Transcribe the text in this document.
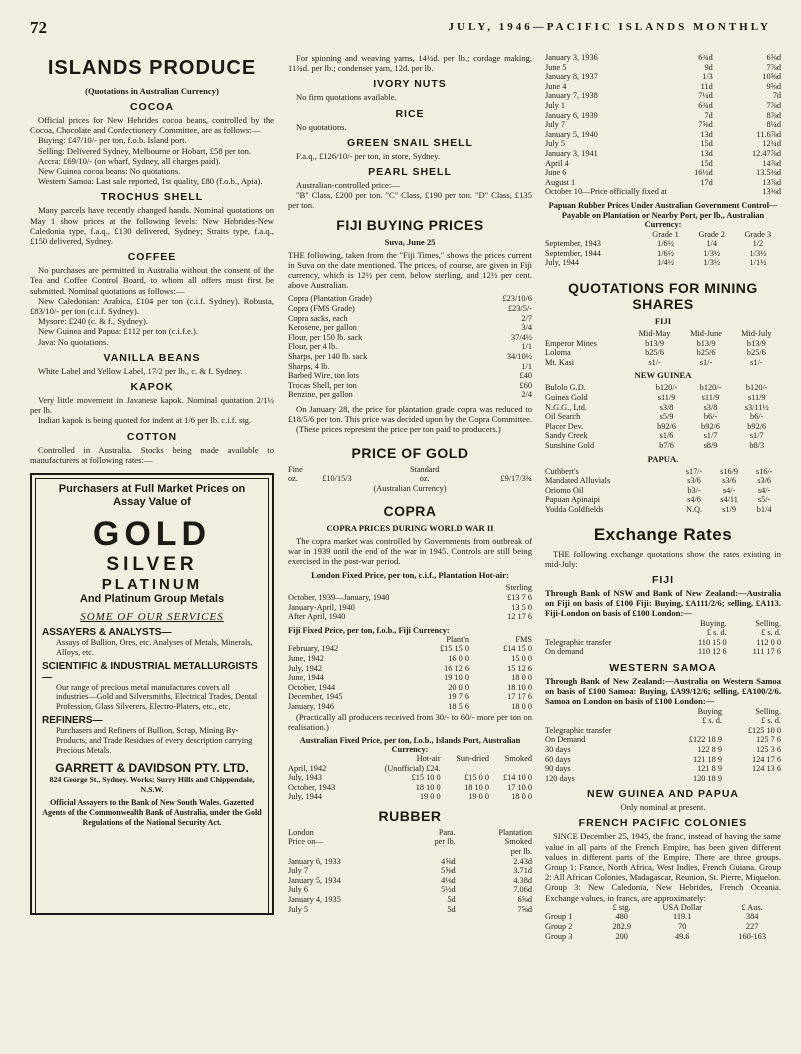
72	JULY, 1946—PACIFIC ISLANDS MONTHLY
ISLANDS PRODUCE
(Quotations in Australian Currency)
COCOA

Official prices for New Hebrides cocoa beans, controlled by the Cocoa, Chocolate and Confectionery Committee, are as follows:—

Buying: £47/10/- per ton, f.o.b. Island port.

Selling: Delivered Sydney, Melbourne or Hobart, £58 per ton.

Accra: £69/10/- (on wharf, Sydney, all charges paid).

New Guinea cocoa beans: No quotations.

Western Samoa: Last sale reported, 1st quality, £80 (f.o.b., Apia).

TROCHUS SHELL

Many parcels have recently changed hands. Nominal quotations on May 1 show prices at the following levels: New Hebrides-New Caledonia type, f.a.q., £130 delivered, Sydney; Straits type, f.a.q., £150 delivered, Sydney.

COFFEE

No purchases are permitted in Australia without the consent of the Tea and Coffee Control Board, to whom all offers must first be submitted. Nominal quotations as follows:—

New Caledonian: Arabica, £104 per ton (c.i.f. Sydney). Robusta, £83/10/- per ton (c.i.f. Sydney).

Mysore: £240 (c. & f., Sydney).

New Guinea and Papua: £112 per ton (c.i.f.e.).

Java: No quotations.

VANILLA BEANS

White Label and Yellow Label, 17/2 per lb., c. & f. Sydney.

KAPOK

Very little movement in Javanese kapok. Nominal quotation 2/1½ per lb.

Indian kapok is being quoted for indent at 1/6 per lb. c.i.f. stg.

COTTON

Controlled in Australia. Stocks being made available to manufacturers at following rates:—

Purchasers at Full Market Prices on Assay Value of
GOLD
SILVER
PLATINUM
And Platinum Group Metals
SOME OF OUR SERVICES
ASSAYERS & ANALYSTS—
Assays of Bullion, Ores, etc. Analyses of Metals, Minerals, Alloys, etc.
SCIENTIFIC & INDUSTRIAL METALLURGISTS—
Our range of precious metal manufactures covers all industries—Gold and Silversmiths, Electrical Trades, Dental Profession, Glass Silverers, Electro-Platers, etc., etc.
REFINERS—
Purchasers and Refiners of Bullion, Scrap, Mining By-Products, and Trade Residues of every description carrying Precious Metals.
GARRETT & DAVIDSON PTY. LTD.
824 George St., Sydney. Works: Surry Hills and Chippendale, N.S.W.
Official Assayers to the Bank of New South Wales. Gazetted Agents of the Commonwealth Bank of Australia, under the Gold Regulations of the National Security Act.

For spinning and weaving yarns, 14½d. per lb.; cordage making, 11¾d. per lb.; condenser yarn, 12d. per lb.

IVORY NUTS

No firm quotations available.

RICE

No quotations.

GREEN SNAIL SHELL

F.a.q., £126/10/- per ton, in store, Sydney.

PEARL SHELL

Australian-controlled price:—

"B" Class, £200 per ton. "C" Class, £190 per ton. "D" Class, £135 per ton.

FIJI BUYING PRICES
Suva, June 25

THE following, taken from the "Fiji Times," shows the prices current in Suva on the date mentioned. The prices, of course, are given in Fiji currency, which is 12½ per cent. below sterling, and 12½ per cent. above Australian.

Copra (Plantation Grade)	£23/10/6
Copra (FMS Grade)	£23/5/-
Copra sacks, each	2/7
Kerosene, per gallon	3/4
Flour, per 150 lb. sack	37/4½
Flour, per 4 lb.	1/1
Sharps, per 140 lb. sack	34/10½
Sharps, 4 lb.	1/1
Barbed Wire, ton lots	£40
Trocas Shell, per ton	£60
Benzine, per gallon	2/4

On January 28, the price for plantation grade copra was reduced to £18/5/6 per ton. This price was decided upon by the Copra Committee.

(These prices represent the price per ton paid to producers.)

PRICE OF GOLD
Fine		Standard	
oz.	£10/15/3	oz.	£9/17/3¾
(Australian Currency)
COPRA
COPRA PRICES DURING WORLD WAR II

The copra market was controlled by Governments from outbreak of war in 1939 until the end of the war in 1945. Controls are still being exercised in the post-war period.

London Fixed Price, per ton, c.i.f., Plantation Hot-air:
	Sterling
October, 1939—January, 1940	£13 7 6
January-April, 1940	13 5 0
After April, 1940	12 17 6
Fiji Fixed Price, per ton, f.o.b., Fiji Currency:
	Plant'n	FMS
February, 1942	£15 15 0	£14 15 0
June, 1942	16 0 0	15 0 0
July, 1942	16 12 6	15 12 6
June, 1944	19 10 0	18 0 0
October, 1944	20 0 0	18 10 0
December, 1945	19 7 6	17 17 6
January, 1946	18 5 6	18 0 0

(Practically all producers received from 30/- to 60/- more per ton on realisation.)

Australian Fixed Price, per ton, f.o.b., Islands Port, Australian Currency:
	Hot-air	Sun-dried	Smoked
April, 1942	(Unofficial) £24.		
July, 1943	£15 10 0	£15 0 0	£14 10 0
October, 1943	18 10 0	18 10 0	17 10 0
July, 1944	19 0 0	19 0 0	18 0 0
RUBBER
London	Para.	Plantation
Price on—	per lb.	Smoked
		per lb.
January 6, 1933	4⅝d	2.43d
July 7	5⅝d	3.71d
January 5, 1934	4⅛d	4.38d
July 6	5½d	7.06d

January 4, 1935	5d	6⅝d
July 5	5d	7⅝d
January 3, 1936	6¾d	6⅝d
June 5	9d	7⅞d
January 8, 1937	1/3	10⅝d
June 4	11d	9⅝d
January 7, 1938	7¼d	7d
July 1	6¾d	7⅞d
January 6, 1939	7d	8⅞d
July 7	7⅝d	8¼d
January 5, 1940	13d	11.6⅞d
July 5	15d	12¾d
January 3, 1941	13d	12.47⅞d
April 4	15d	14⅞d
June 6	16½d	13.5⅜d
August 1	17d	13⅞d
October 10—Price officially fixed at	13⅜d
Papuan Rubber Prices Under Australian Government Control—Payable on Plantation or Nearby Port, per lb., Australian Currency:
	Grade 1	Grade 2	Grade 3
September, 1943	1/6½	1/4	1/2
September, 1944	1/6½	1/3½	1/3½
July, 1944	1/4½	1/3½	1/1½
QUOTATIONS FOR MINING SHARES
FIJI
	Mid-May	Mid-June	Mid-July
Emperor Mines	b13/9	b13/9	b13/9
Loloma	b25/6	b25/6	b25/6
Mt. Kasi	s1/-	s1/-	s1/-
NEW GUINEA
Bulolo G.D.	b120/-	b120/-	b120/-
Guinea Gold	s11/9	s11/9	s11/9
N.G.G., Ltd.	s3/8	s3/8	s3/11½
Oil Search	s5/9	b6/-	b6/-
Placer Dev.	b92/6	b92/6	b92/6
Sandy Creek	s1/6	s1/7	s1/7
Sunshine Gold	b7/6	s8/9	b8/3
PAPUA.
Cuthbert's	s17/-	s16/9	s16/-
Mandated Alluvials	s3/6	s3/6	s3/6
Oriomo Oil	b3/-	s4/-	s4/-
Papuan Apinaipi	s4/6	s4/11	s5/-
Yodda Goldfields	N.Q.	s1/9	b1/4
Exchange Rates

THE following exchange quotations show the rates existing in mid-July:

FIJI

Through Bank of NSW and Bank of New Zealand:—Australia on Fiji on basis of £100 Fiji: Buying, £A111/2/6; selling, £A113. Fiji-London on basis of £100 London:—

	Buying.	Selling.
	£ s. d.	£ s. d.
Telegraphic transfer	110 15 0	112 0 0
On demand	110 12 6	111 17 6
WESTERN SAMOA

Through Bank of New Zealand:—Australia on Western Samoa on basis of £100 Samoa: Buying, £A99/12/6; selling, £A100/2/6. Samoa on London on basis of £100 London:—

	Buying	Selling.
	£ s. d.	£ s. d.
Telegraphic transfer		£125 10 0
On Demand	£122 18 9	125 7 6
30 days	122 8 9	125 3 6
60 days	121 18 9	124 17 6
90 days	121 8 9	124 13 6
120 days	120 18 9	
NEW GUINEA AND PAPUA
Only nominal at present.
FRENCH PACIFIC COLONIES

SINCE December 25, 1945, the franc, instead of having the same value in all parts of the French Empire, has been given different values in different parts of the Empire. There are three groups. Group 1: France, North Africa, West Indies, French Guiana. Group 2: All African Colonies, Madagascar, Reunion, St. Pierre, Miquelon. Group 3: New Caledonia, New Hebrides, French Oceania. Exchange values, in francs, are approximately:

	£ stg.	USA Dollar	£ Aus.
Group 1	480	119.1	384
Group 2	282.9	70	227
Group 3	200	49.6	160-163
